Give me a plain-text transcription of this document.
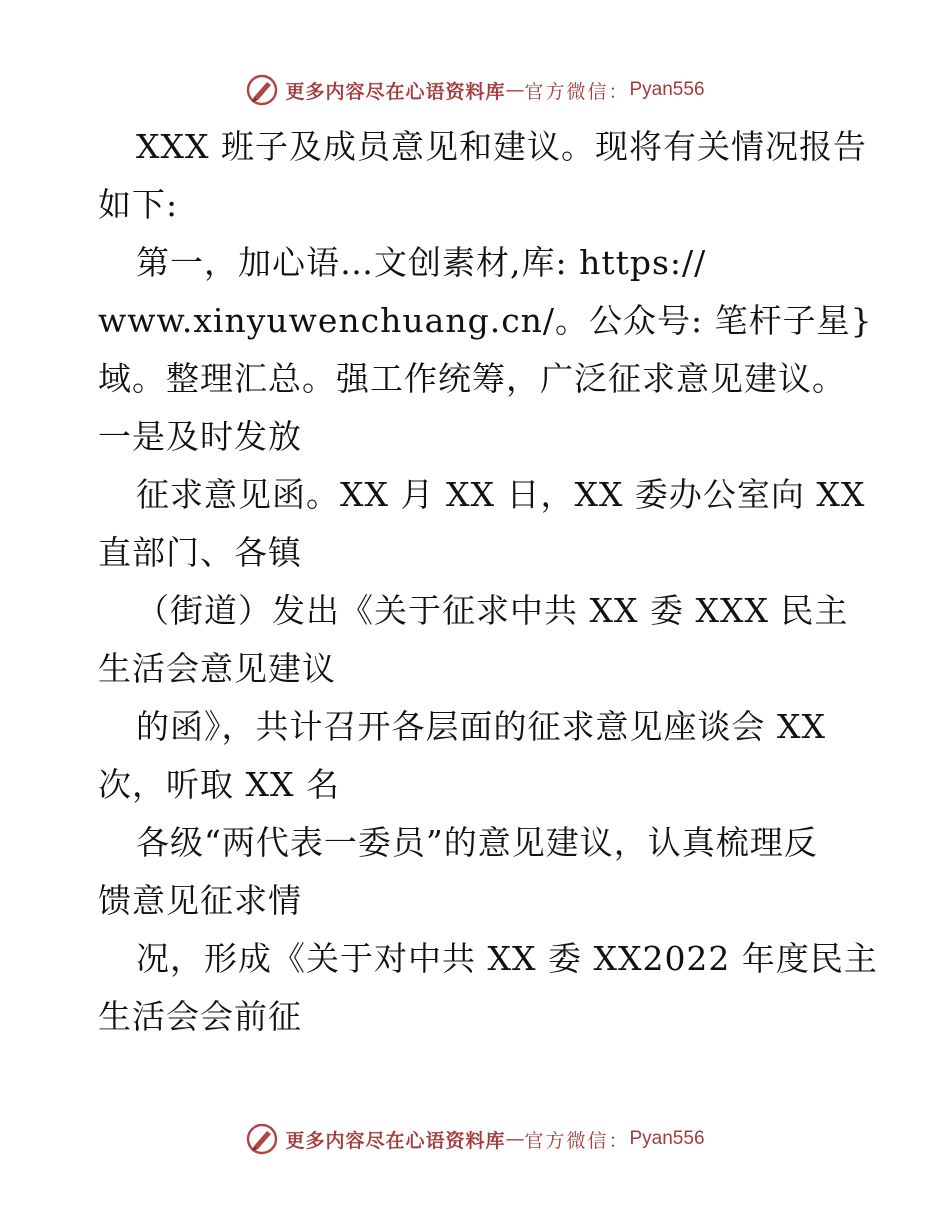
更多内容尽在心语资料库 — 官方微信： Pyan556
XXX 班子及成员意见和建议。现将有关情况报告
如下:
第一，加心语…文创素材,库: https://
www.xinyuwenchuang.cn/。公众号: 笔杆子星}
域。整理汇总。强工作统筹，广泛征求意见建议。
一是及时发放
征求意见函。XX 月 XX 日，XX 委办公室向 XX
直部门、各镇
（街道）发出《关于征求中共 XX 委 XXX 民主
生活会意见建议
的函》，共计召开各层面的征求意见座谈会 XX
次，听取 XX 名
各级“两代表一委员”的意见建议，认真梳理反
馈意见征求情
况，形成《关于对中共 XX 委 XX2022 年度民主
生活会会前征
更多内容尽在心语资料库 — 官方微信： Pyan556
